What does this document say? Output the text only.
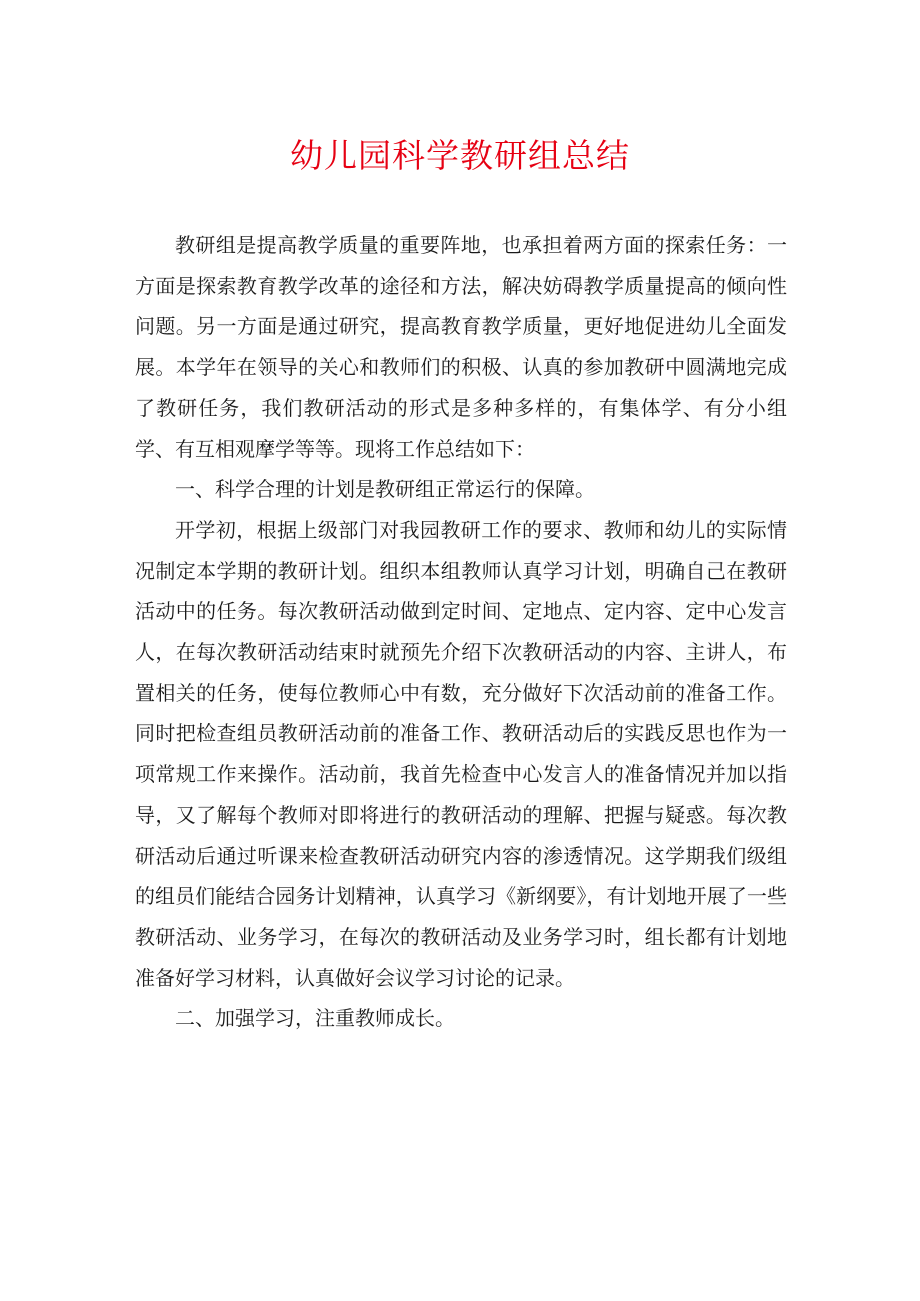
幼儿园科学教研组总结

教研组是提高教学质量的重要阵地，也承担着两方面的探索任务：一方面是探索教育教学改革的途径和方法，解决妨碍教学质量提高的倾向性问题。另一方面是通过研究，提高教育教学质量，更好地促进幼儿全面发展。本学年在领导的关心和教师们的积极、认真的参加教研中圆满地完成了教研任务，我们教研活动的形式是多种多样的，有集体学、有分小组学、有互相观摩学等等。现将工作总结如下：

一、科学合理的计划是教研组正常运行的保障。

开学初，根据上级部门对我园教研工作的要求、教师和幼儿的实际情况制定本学期的教研计划。组织本组教师认真学习计划，明确自己在教研活动中的任务。每次教研活动做到定时间、定地点、定内容、定中心发言人，在每次教研活动结束时就预先介绍下次教研活动的内容、主讲人，布置相关的任务，使每位教师心中有数，充分做好下次活动前的准备工作。同时把检查组员教研活动前的准备工作、教研活动后的实践反思也作为一项常规工作来操作。活动前，我首先检查中心发言人的准备情况并加以指导，又了解每个教师对即将进行的教研活动的理解、把握与疑惑。每次教研活动后通过听课来检查教研活动研究内容的渗透情况。这学期我们级组的组员们能结合园务计划精神，认真学习《新纲要》，有计划地开展了一些教研活动、业务学习，在每次的教研活动及业务学习时，组长都有计划地准备好学习材料，认真做好会议学习讨论的记录。

二、加强学习，注重教师成长。
